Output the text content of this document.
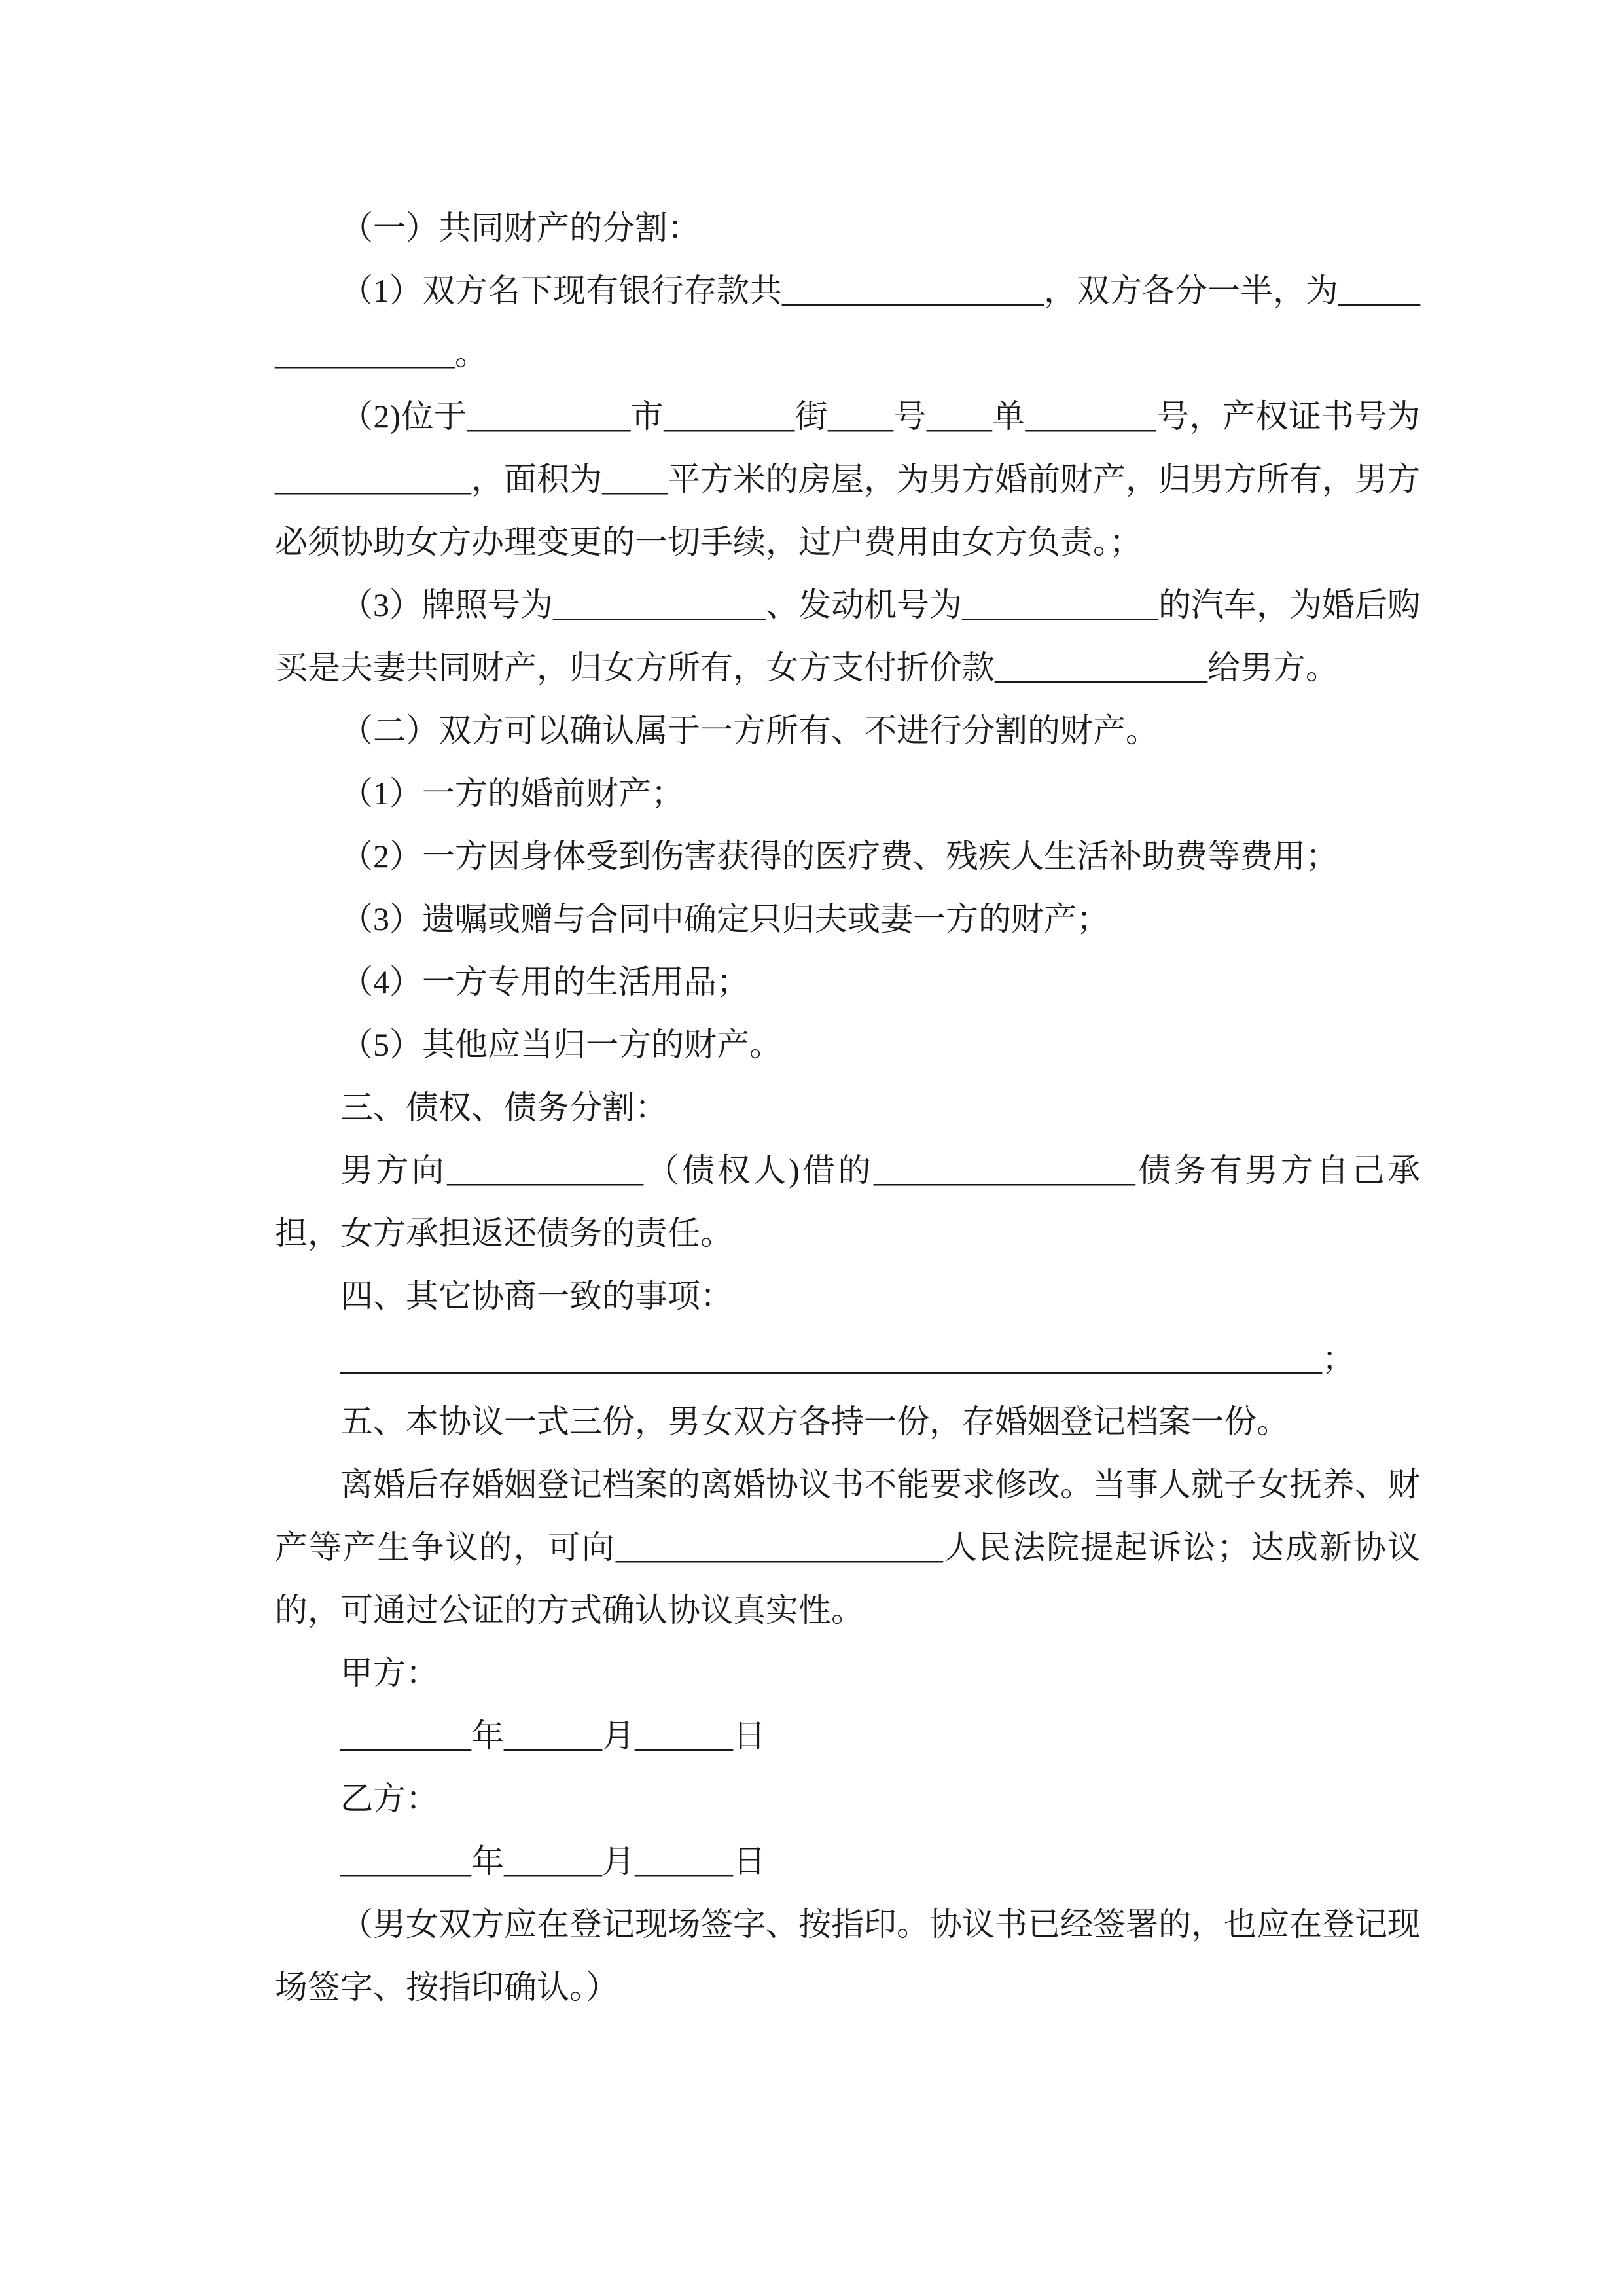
（一）共同财产的分割：

（1）双方名下现有银行存款共________________，双方各分一半，为________________。

（2)位于__________市________街____号____单________号，产权证书号为____________，面积为____平方米的房屋，为男方婚前财产，归男方所有，男方必须协助女方办理变更的一切手续，过户费用由女方负责。；

（3）牌照号为_____________、发动机号为____________的汽车，为婚后购买是夫妻共同财产，归女方所有，女方支付折价款_____________给男方。

（二）双方可以确认属于一方所有、不进行分割的财产。

（1）一方的婚前财产；

（2）一方因身体受到伤害获得的医疗费、残疾人生活补助费等费用；

（3）遗嘱或赠与合同中确定只归夫或妻一方的财产；

（4）一方专用的生活用品；

（5）其他应当归一方的财产。

三、债权、债务分割：

男方向____________（债权人)借的________________债务有男方自己承担，女方承担返还债务的责任。

四、其它协商一致的事项：

____________________________________________________________；

五、本协议一式三份，男女双方各持一份，存婚姻登记档案一份。

离婚后存婚姻登记档案的离婚协议书不能要求修改。当事人就子女抚养、财产等产生争议的，可向____________________人民法院提起诉讼；达成新协议的，可通过公证的方式确认协议真实性。

甲方：

________年______月______日

乙方：

________年______月______日

（男女双方应在登记现场签字、按指印。协议书已经签署的，也应在登记现场签字、按指印确认。）
